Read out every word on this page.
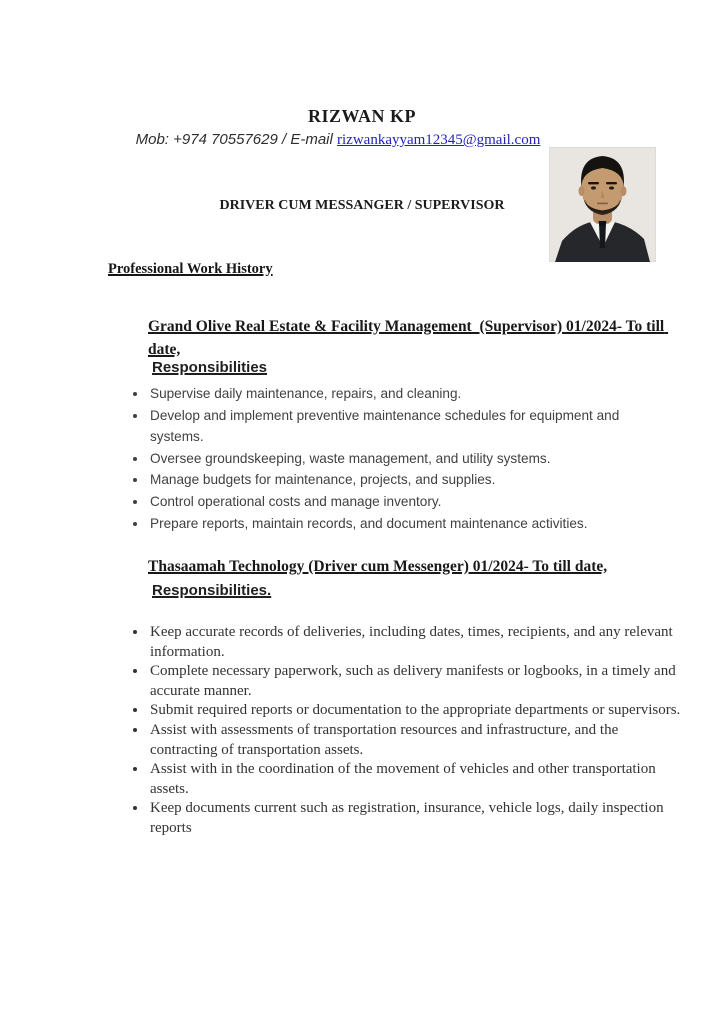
RIZWAN KP
Mob: +974 70557629 / E-mail rizwankayyam12345@gmail.com
DRIVER CUM MESSANGER / SUPERVISOR
Professional Work History
Grand Olive Real Estate & Facility Management  (Supervisor) 01/2024- To till date,
Responsibilities
• Supervise daily maintenance, repairs, and cleaning.
• Develop and implement preventive maintenance schedules for equipment and systems.
• Oversee groundskeeping, waste management, and utility systems.
• Manage budgets for maintenance, projects, and supplies.
• Control operational costs and manage inventory.
• Prepare reports, maintain records, and document maintenance activities.
Thasaamah Technology (Driver cum Messenger) 01/2024- To till date,
Responsibilities.
• Keep accurate records of deliveries, including dates, times, recipients, and any relevant information.
• Complete necessary paperwork, such as delivery manifests or logbooks, in a timely and accurate manner.
• Submit required reports or documentation to the appropriate departments or supervisors.
• Assist with assessments of transportation resources and infrastructure, and the contracting of transportation assets.
• Assist with in the coordination of the movement of vehicles and other transportation assets.
• Keep documents current such as registration, insurance, vehicle logs, daily inspection reports
